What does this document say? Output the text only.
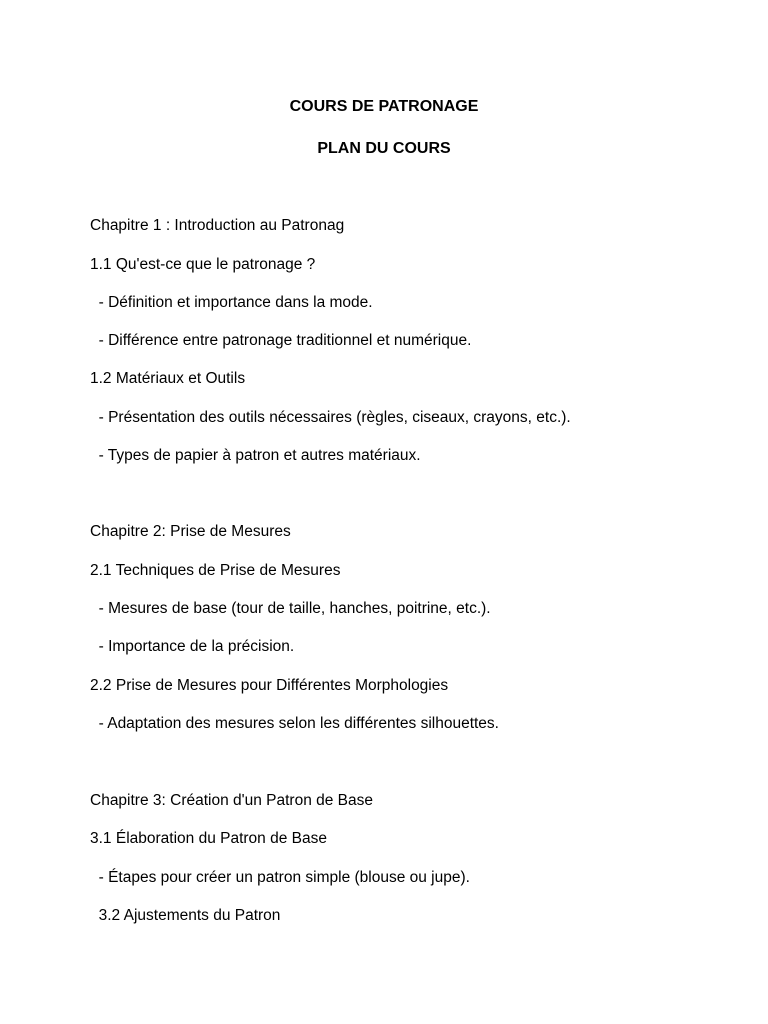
COURS DE PATRONAGE
PLAN DU COURS

Chapitre 1 : Introduction au Patronag

1.1 Qu'est-ce que le patronage ?

- Définition et importance dans la mode.

- Différence entre patronage traditionnel et numérique.

1.2 Matériaux et Outils

- Présentation des outils nécessaires (règles, ciseaux, crayons, etc.).

- Types de papier à patron et autres matériaux.

Chapitre 2: Prise de Mesures

2.1 Techniques de Prise de Mesures

- Mesures de base (tour de taille, hanches, poitrine, etc.).

- Importance de la précision.

2.2 Prise de Mesures pour Différentes Morphologies

- Adaptation des mesures selon les différentes silhouettes.

Chapitre 3: Création d'un Patron de Base

3.1 Élaboration du Patron de Base

- Étapes pour créer un patron simple (blouse ou jupe).

3.2 Ajustements du Patron
